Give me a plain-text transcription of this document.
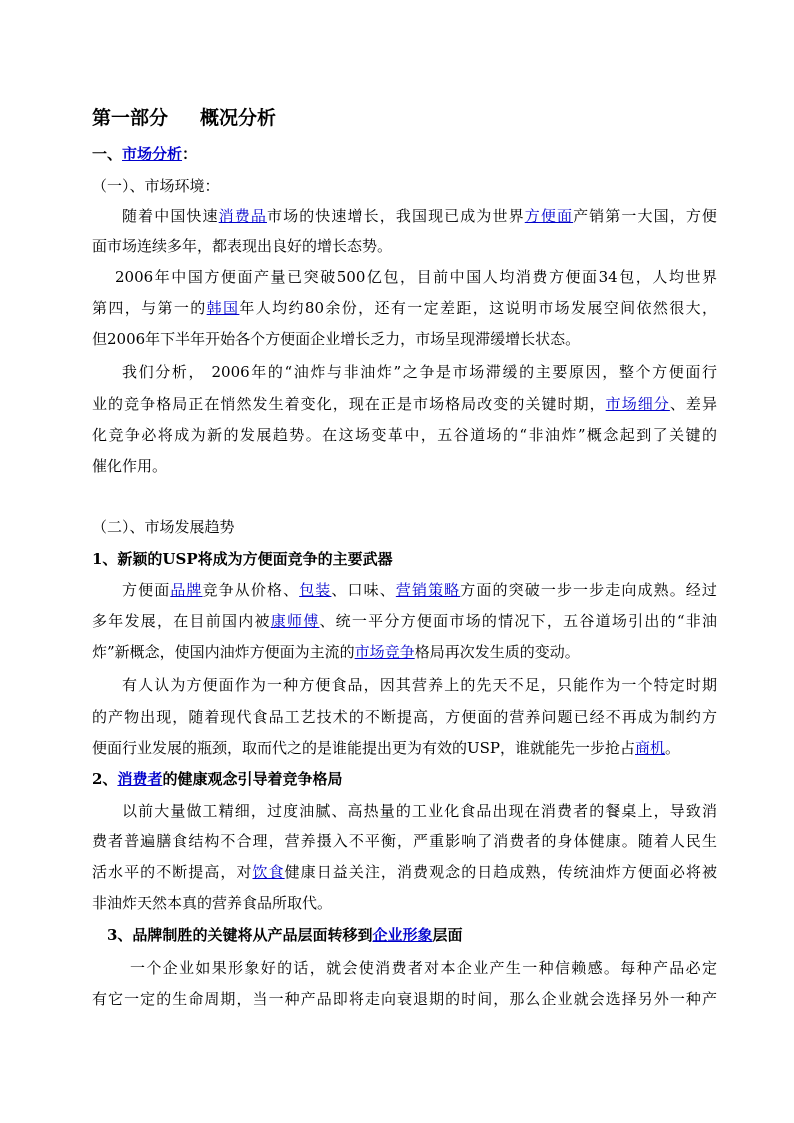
第一部分 概况分析
一、市场分析：
（一）、市场环境：
随着中国快速消费品市场的快速增长，我国现已成为世界方便面产销第一大国，方便
面市场连续多年，都表现出良好的增长态势。
2006年中国方便面产量已突破500亿包，目前中国人均消费方便面34包，人均世界
第四，与第一的韩国年人均约80余份，还有一定差距，这说明市场发展空间依然很大，
但2006年下半年开始各个方便面企业增长乏力，市场呈现滞缓增长状态。
我们分析， 2006年的“油炸与非油炸”之争是市场滞缓的主要原因，整个方便面行
业的竞争格局正在悄然发生着变化，现在正是市场格局改变的关键时期，市场细分、差异
化竞争必将成为新的发展趋势。在这场变革中，五谷道场的“非油炸”概念起到了关键的
催化作用。
（二）、市场发展趋势
1、新颖的USP将成为方便面竞争的主要武器
方便面品牌竞争从价格、包装、口味、营销策略方面的突破一步一步走向成熟。经过
多年发展，在目前国内被康师傅、统一平分方便面市场的情况下，五谷道场引出的“非油
炸”新概念，使国内油炸方便面为主流的市场竞争格局再次发生质的变动。
有人认为方便面作为一种方便食品，因其营养上的先天不足，只能作为一个特定时期
的产物出现，随着现代食品工艺技术的不断提高，方便面的营养问题已经不再成为制约方
便面行业发展的瓶颈，取而代之的是谁能提出更为有效的USP，谁就能先一步抢占商机。
2、消费者的健康观念引导着竞争格局
以前大量做工精细，过度油腻、高热量的工业化食品出现在消费者的餐桌上，导致消
费者普遍膳食结构不合理，营养摄入不平衡，严重影响了消费者的身体健康。随着人民生
活水平的不断提高，对饮食健康日益关注，消费观念的日趋成熟，传统油炸方便面必将被
非油炸天然本真的营养食品所取代。
3、品牌制胜的关键将从产品层面转移到企业形象层面
一个企业如果形象好的话，就会使消费者对本企业产生一种信赖感。每种产品必定
有它一定的生命周期，当一种产品即将走向衰退期的时间，那么企业就会选择另外一种产
